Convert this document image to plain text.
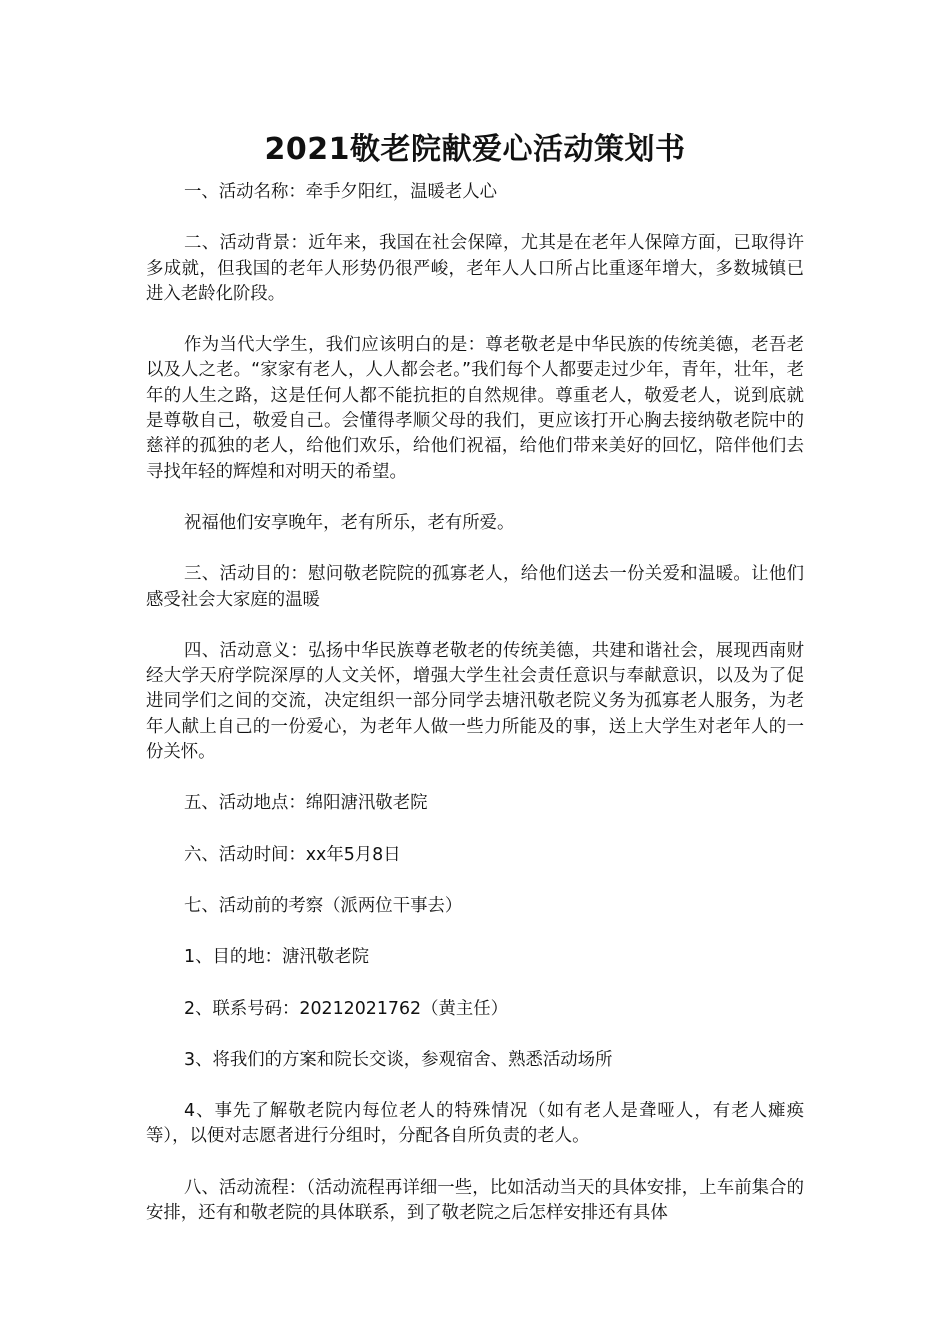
2021敬老院献爱心活动策划书

一、活动名称：牵手夕阳红，温暖老人心

二、活动背景：近年来，我国在社会保障，尤其是在老年人保障方面，已取得许多成就，但我国的老年人形势仍很严峻，老年人人口所占比重逐年增大，多数城镇已进入老龄化阶段。

作为当代大学生，我们应该明白的是：尊老敬老是中华民族的传统美德，老吾老以及人之老。“家家有老人，人人都会老。”我们每个人都要走过少年，青年，壮年，老年的人生之路，这是任何人都不能抗拒的自然规律。尊重老人，敬爱老人，说到底就是尊敬自己，敬爱自己。会懂得孝顺父母的我们，更应该打开心胸去接纳敬老院中的慈祥的孤独的老人，给他们欢乐，给他们祝福，给他们带来美好的回忆，陪伴他们去寻找年轻的辉煌和对明天的希望。

祝福他们安享晚年，老有所乐，老有所爱。

三、活动目的：慰问敬老院院的孤寡老人，给他们送去一份关爱和温暖。让他们感受社会大家庭的温暖

四、活动意义：弘扬中华民族尊老敬老的传统美德，共建和谐社会，展现西南财经大学天府学院深厚的人文关怀，增强大学生社会责任意识与奉献意识，以及为了促进同学们之间的交流，决定组织一部分同学去塘汛敬老院义务为孤寡老人服务，为老年人献上自己的一份爱心，为老年人做一些力所能及的事，送上大学生对老年人的一份关怀。

五、活动地点：绵阳溏汛敬老院

六、活动时间：xx年5月8日

七、活动前的考察（派两位干事去）

1、目的地：溏汛敬老院

2、联系号码：20212021762（黄主任）

3、将我们的方案和院长交谈，参观宿舍、熟悉活动场所

4、事先了解敬老院内每位老人的特殊情况（如有老人是聋哑人，有老人瘫痪等），以便对志愿者进行分组时，分配各自所负责的老人。

八、活动流程：（活动流程再详细一些，比如活动当天的具体安排，上车前集合的安排，还有和敬老院的具体联系，到了敬老院之后怎样安排还有具体
